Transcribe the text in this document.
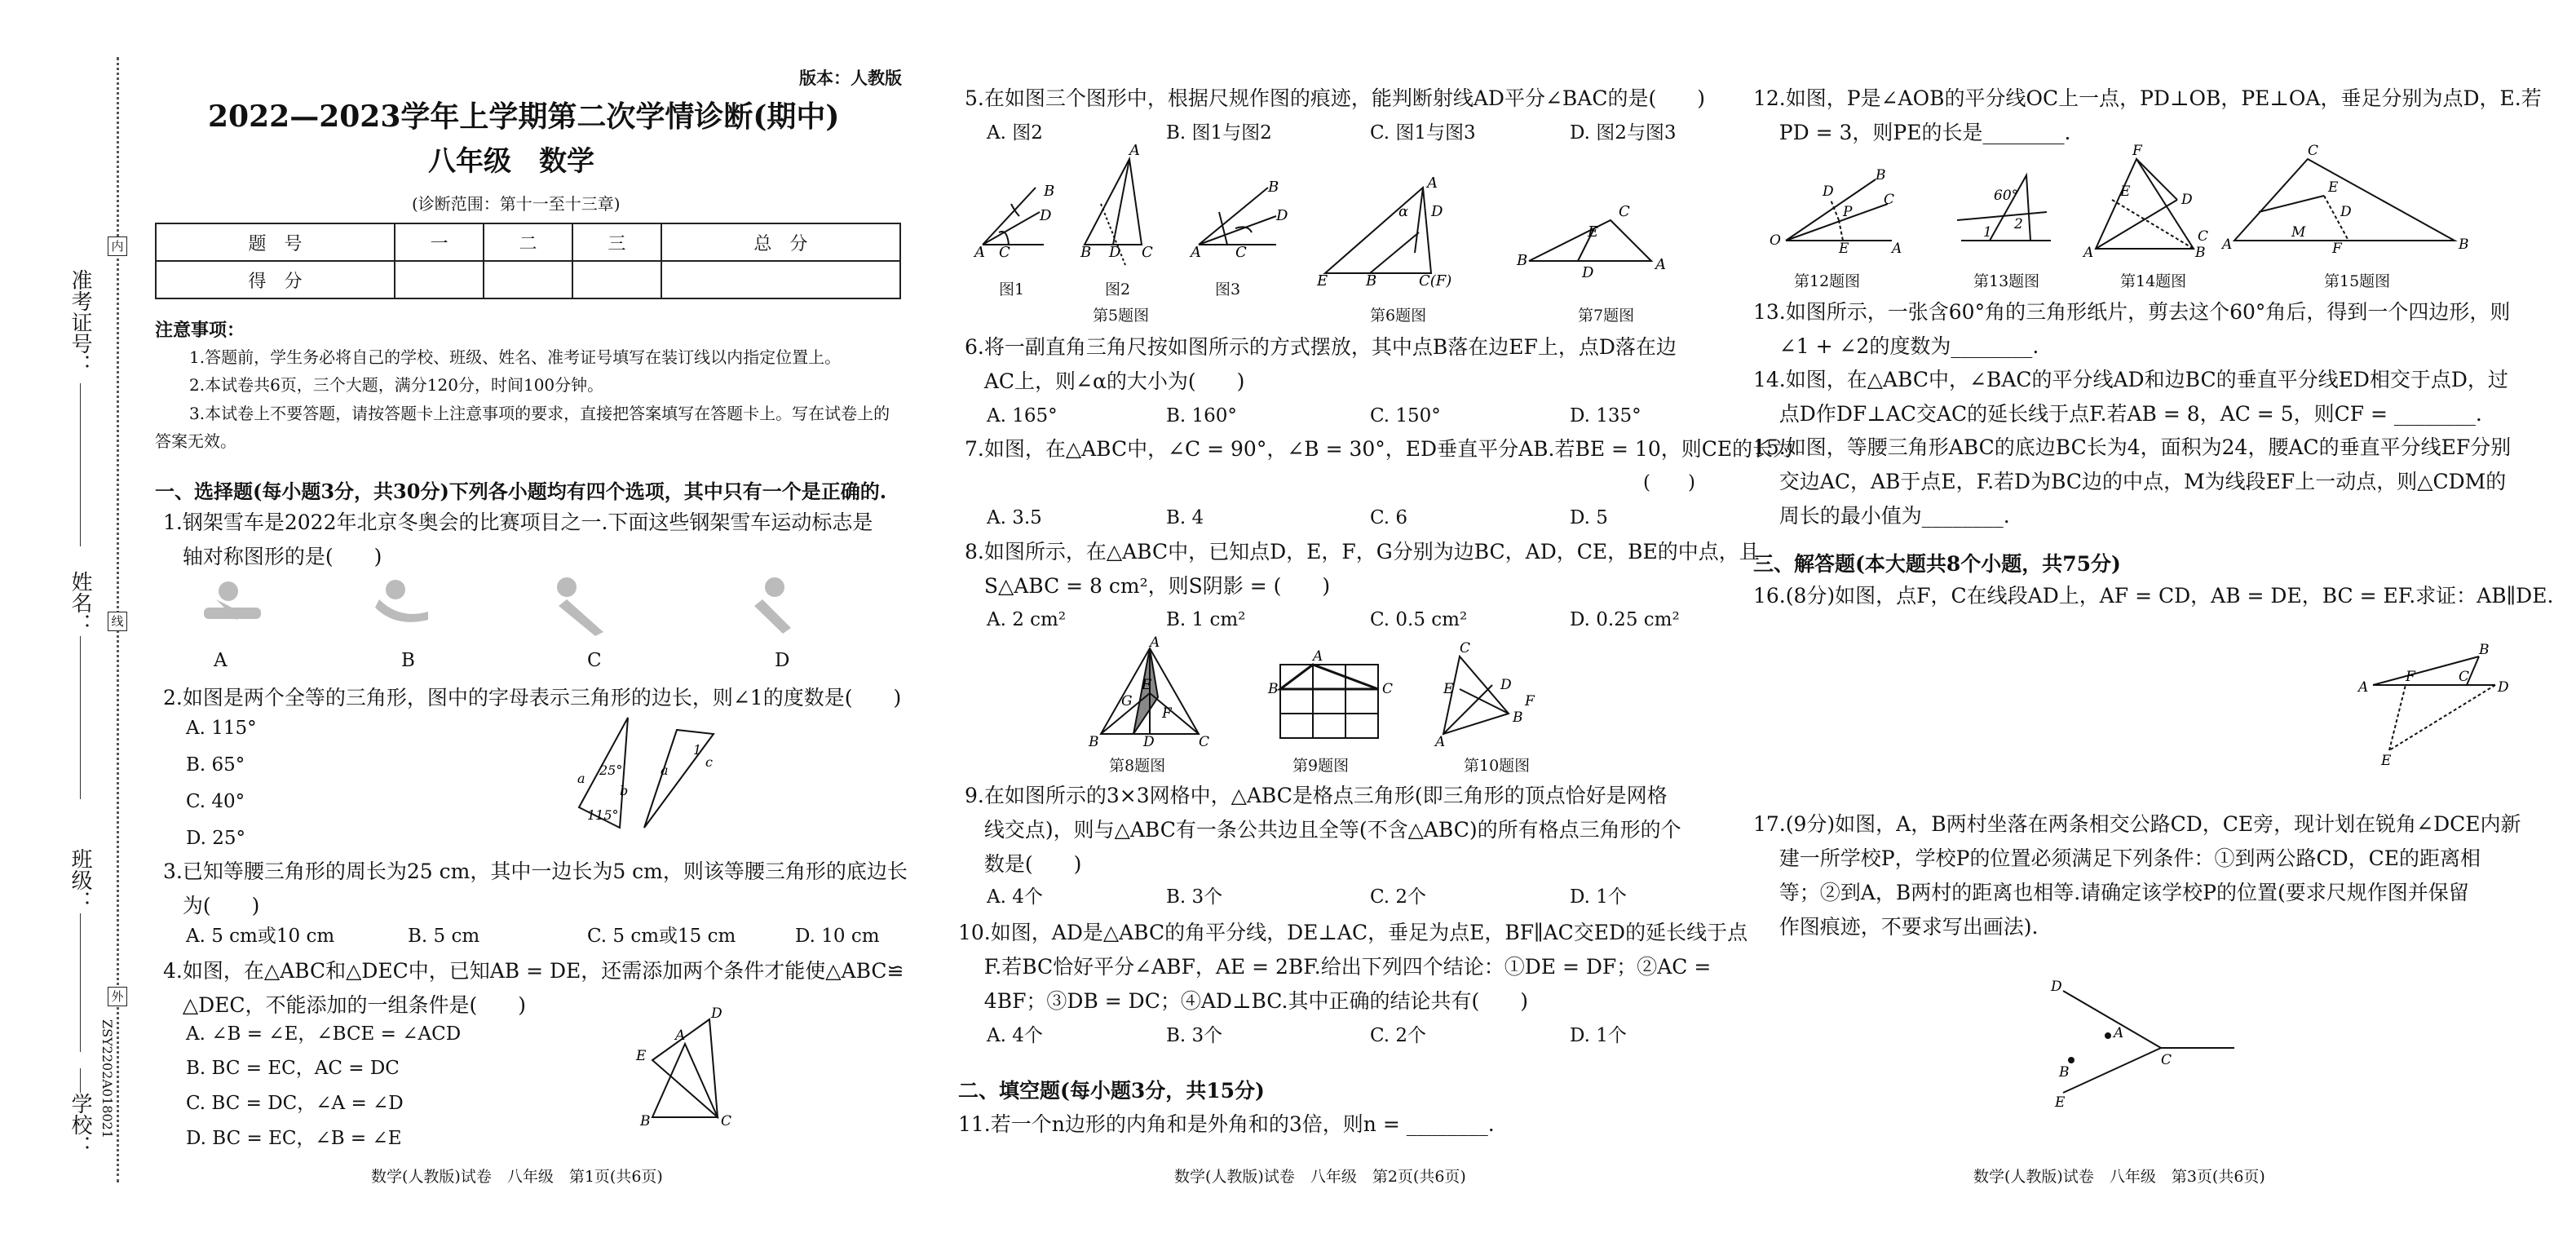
内
线
外
准考证号：
姓名：
班级：
学校： ZSY2202A018021
版本：人教版
2022—2023学年上学期第二次学情诊断(期中)
八年级　数学
(诊断范围：第十一至十三章)
题　号	一	二	三	总　分
得　分				
注意事项：
1.答题前，学生务必将自己的学校、班级、姓名、准考证号填写在装订线以内指定位置上。
2.本试卷共6页，三个大题，满分120分，时间100分钟。
3.本试卷上不要答题，请按答题卡上注意事项的要求，直接把答案填写在答题卡上。写在试卷上的答案无效。
一、选择题(每小题3分，共30分)下列各小题均有四个选项，其中只有一个是正确的.
1.钢架雪车是2022年北京冬奥会的比赛项目之一.下面这些钢架雪车运动标志是
轴对称图形的是(　　)
A	B	C	D
2.如图是两个全等的三角形，图中的字母表示三角形的边长，则∠1的度数是(　　)
A. 115°
B. 65°
C. 40°
D. 25°
25°
115°
a
b
a
1
c
3.已知等腰三角形的周长为25 cm，其中一边长为5 cm，则该等腰三角形的底边长
为(　　)
A. 5 cm或10 cm	B. 5 cm	C. 5 cm或15 cm	D. 10 cm
4.如图，在△ABC和△DEC中，已知AB = DE，还需添加两个条件才能使△ABC≌
△DEC，不能添加的一组条件是(　　)
A. ∠B = ∠E，∠BCE = ∠ACD
B. BC = EC，AC = DC
C. BC = DC，∠A = ∠D
D. BC = EC，∠B = ∠E
D
E
A
B	C
数学(人教版)试卷　八年级　第1页(共6页)
5.在如图三个图形中，根据尺规作图的痕迹，能判断射线AD平分∠BAC的是(　　)
A. 图2	B. 图1与图2	C. 图1与图3	D. 图2与图3
A C
B
D
A
B D C	A C
B
D
E	B	C(F)
A
D
α
B
E
C
D	A
图1	图2	图3
第5题图	第6题图	第7题图
6.将一副直角三角尺按如图所示的方式摆放，其中点B落在边EF上，点D落在边
AC上，则∠α的大小为(　　)
A. 165°	B. 160°	C. 150°	D. 135°
7.如图，在△ABC中，∠C = 90°，∠B = 30°，ED垂直平分AB.若BE = 10，则CE的长为
(　　)
A. 3.5	B. 4	C. 6	D. 5
8.如图所示，在△ABC中，已知点D，E，F，G分别为边BC，AD，CE，BE的中点，且
S△ABC = 8 cm²，则S阴影 = (　　)
A. 2 cm²	B. 1 cm²	C. 0.5 cm²	D. 0.25 cm²
A
B	C
D
G
E
F
A
B	C
C
A
E	D
B
F
第8题图	第9题图	第10题图
9.在如图所示的3×3网格中，△ABC是格点三角形(即三角形的顶点恰好是网格
线交点)，则与△ABC有一条公共边且全等(不含△ABC)的所有格点三角形的个
数是(　　)
A. 4个	B. 3个	C. 2个	D. 1个
10.如图，AD是△ABC的角平分线，DE⊥AC，垂足为点E，BF∥AC交ED的延长线于点
F.若BC恰好平分∠ABF，AE = 2BF.给出下列四个结论：①DE = DF；②AC =
4BF；③DB = DC；④AD⊥BC.其中正确的结论共有(　　)
A. 4个	B. 3个	C. 2个	D. 1个
二、填空题(每小题3分，共15分)
11.若一个n边形的内角和是外角和的3倍，则n = ________.
数学(人教版)试卷　八年级　第2页(共6页)
12.如图，P是∠AOB的平分线OC上一点，PD⊥OB，PE⊥OA，垂足分别为点D，E.若
PD = 3，则PE的长是________.
O	A
E
B
C
D
P
60°
1 2
F
A	B
D
C
E
C
A	B
E
M
F
D
第12题图	第13题图	第14题图	第15题图
13.如图所示，一张含60°角的三角形纸片，剪去这个60°角后，得到一个四边形，则
∠1 + ∠2的度数为________.
14.如图，在△ABC中，∠BAC的平分线AD和边BC的垂直平分线ED相交于点D，过
点D作DF⊥AC交AC的延长线于点F.若AB = 8，AC = 5，则CF = ________.
15.如图，等腰三角形ABC的底边BC长为4，面积为24，腰AC的垂直平分线EF分别
交边AC，AB于点E，F.若D为BC边的中点，M为线段EF上一动点，则△CDM的
周长的最小值为________.
三、解答题(本大题共8个小题，共75分)
16.(8分)如图，点F，C在线段AD上，AF = CD，AB = DE，BC = EF.求证：AB∥DE.
A
F	C
B
D
E
17.(9分)如图，A，B两村坐落在两条相交公路CD，CE旁，现计划在锐角∠DCE内新
建一所学校P，学校P的位置必须满足下列条件：①到两公路CD，CE的距离相
等；②到A，B两村的距离也相等.请确定该学校P的位置(要求尺规作图并保留
作图痕迹，不要求写出画法).
D
A
B
E
C
数学(人教版)试卷　八年级　第3页(共6页)
